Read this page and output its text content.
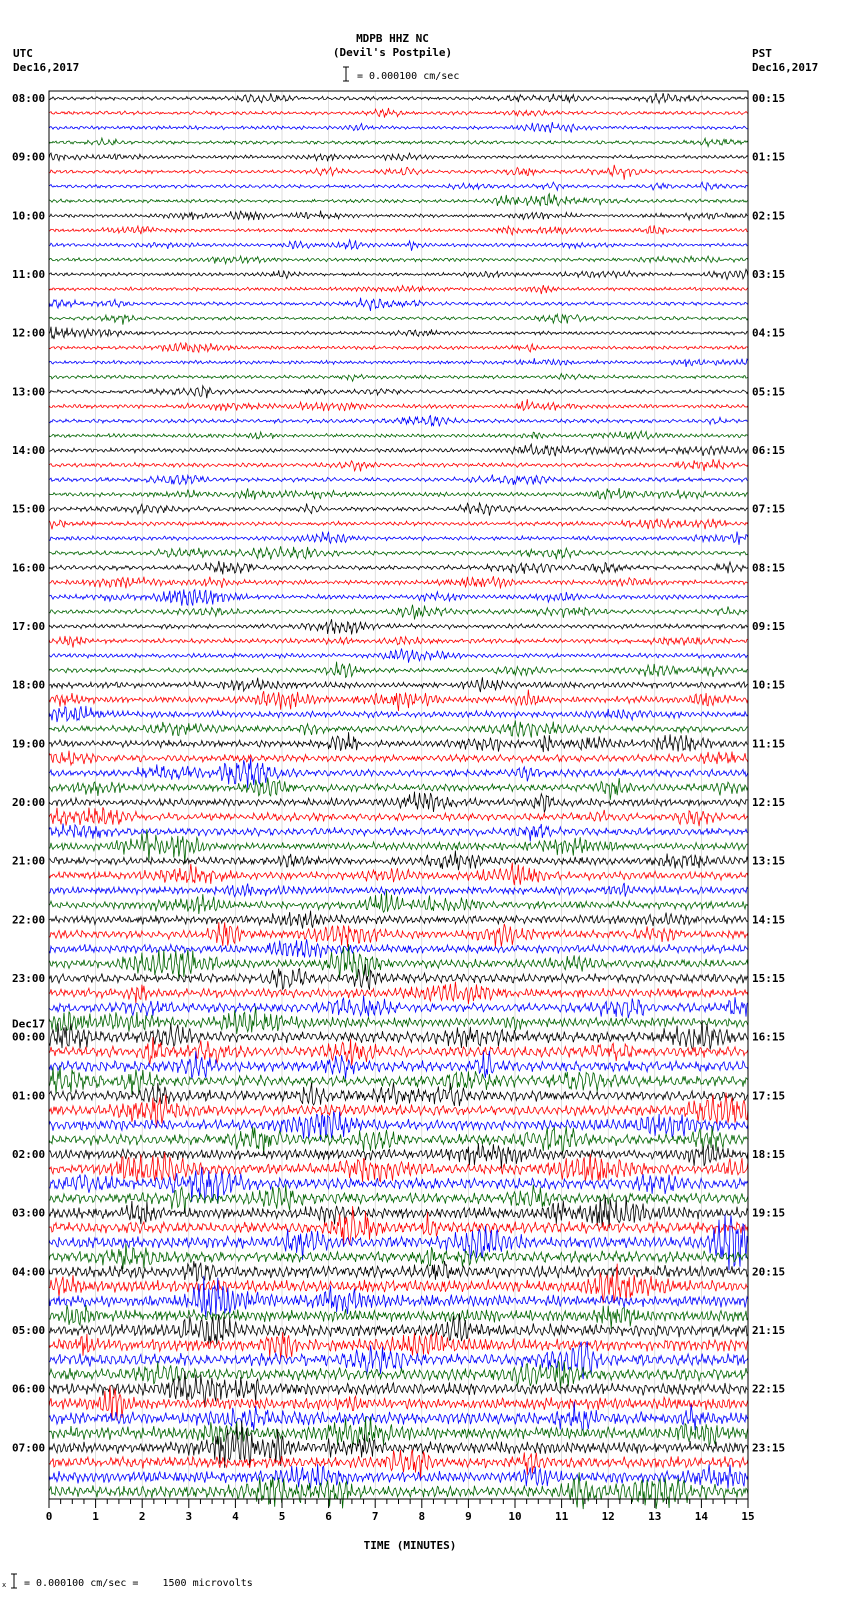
MDPB HHZ NC
(Devil's Postpile)
UTC
Dec16,2017
PST
Dec16,2017
= 0.000100 cm/sec
= 0.000100 cm/sec =    1500 microvolts
TIME (MINUTES)
x
0	1	2	3	4	5	6	7	8	9	10	11	12	13	14	15
08:00
09:00
10:00
11:00
12:00
13:00
14:00
15:00
16:00
17:00
18:00
19:00
20:00
21:00
22:00
23:00
00:00
Dec17
01:00
02:00
03:00
04:00
05:00
06:00
07:00
00:15
01:15
02:15
03:15
04:15
05:15
06:15
07:15
08:15
09:15
10:15
11:15
12:15
13:15
14:15
15:15
16:15
17:15
18:15
19:15
20:15
21:15
22:15
23:15
